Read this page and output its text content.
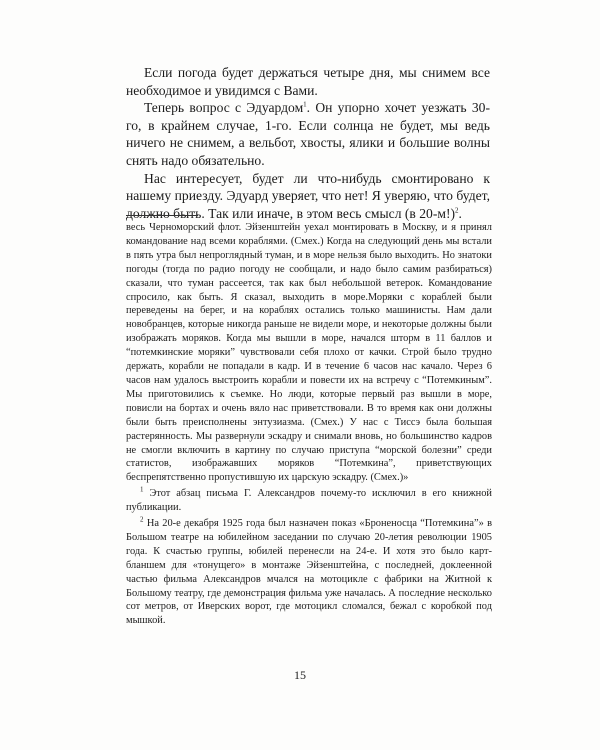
Если погода будет держаться четыре дня, мы снимем все необходимое и увидимся с Вами.

Теперь вопрос с Эдуардом$^1$. Он упорно хочет уезжать 30-го, в крайнем случае, 1-го. Если солнца не будет, мы ведь ничего не снимем, а вельбот, хвосты, ялики и большие волны снять надо обязательно.

Нас интересует, будет ли что-нибудь смонтировано к нашему приезду. Эдуард уверяет, что нет! Я уверяю, что будет, должно быть. Так или иначе, в этом весь смысл (в 20-м!)$^2$.

весь Черноморский флот. Эйзенштейн уехал монтировать в Москву, и я принял командование над всеми кораблями. (Смех.) Когда на следующий день мы встали в пять утра был непроглядный туман, и в море нельзя было выходить. Но знатоки погоды (тогда по радио погоду не сообщали, и надо было самим разбираться) сказали, что туман рассеется, так как был небольшой ветерок. Командование спросило, как быть. Я сказал, выходить в море.Моряки с кораблей были переведены на берег, и на кораблях остались только машинисты. Нам дали новобранцев, которые никогда раньше не видели море, и некоторые должны были изображать моряков. Когда мы вышли в море, начался шторм в 11 баллов и “потемкинские моряки” чувствовали себя плохо от качки. Строй было трудно держать, корабли не попадали в кадр. И в течение 6 часов нас качало. Через 6 часов нам удалось выстроить корабли и повести их на встречу с “Потемкиным”. Мы приготовились к съемке. Но люди, которые первый раз вышли в море, повисли на бортах и очень вяло нас приветствовали. В то время как они должны были быть преисполнены энтузиазма. (Смех.) У нас с Тиссэ была большая растерянность. Мы развернули эскадру и снимали вновь, но большинство кадров не смогли включить в картину по случаю приступа “морской болезни” среди статистов, изображавших моряков “Потемкина”, приветствующих беспрепятственно пропустившую их царскую эскадру. (Смех.)»

$^1$ Этот абзац письма Г. Александров почему-то исключил в его книжной публикации.

$^2$ На 20-е декабря 1925 года был назначен показ «Броненосца “Потемкина”» в Большом театре на юбилейном заседании по случаю 20-летия революции 1905 года. К счастью группы, юбилей перенесли на 24-е. И хотя это было карт-бланшем для «тонущего» в монтаже Эйзенштейна, с последней, доклеенной частью фильма Александров мчался на мотоцикле с фабрики на Житной к Большому театру, где демонстрация фильма уже началась. А последние несколько сот метров, от Иверских ворот, где мотоцикл сломался, бежал с коробкой под мышкой.

15
